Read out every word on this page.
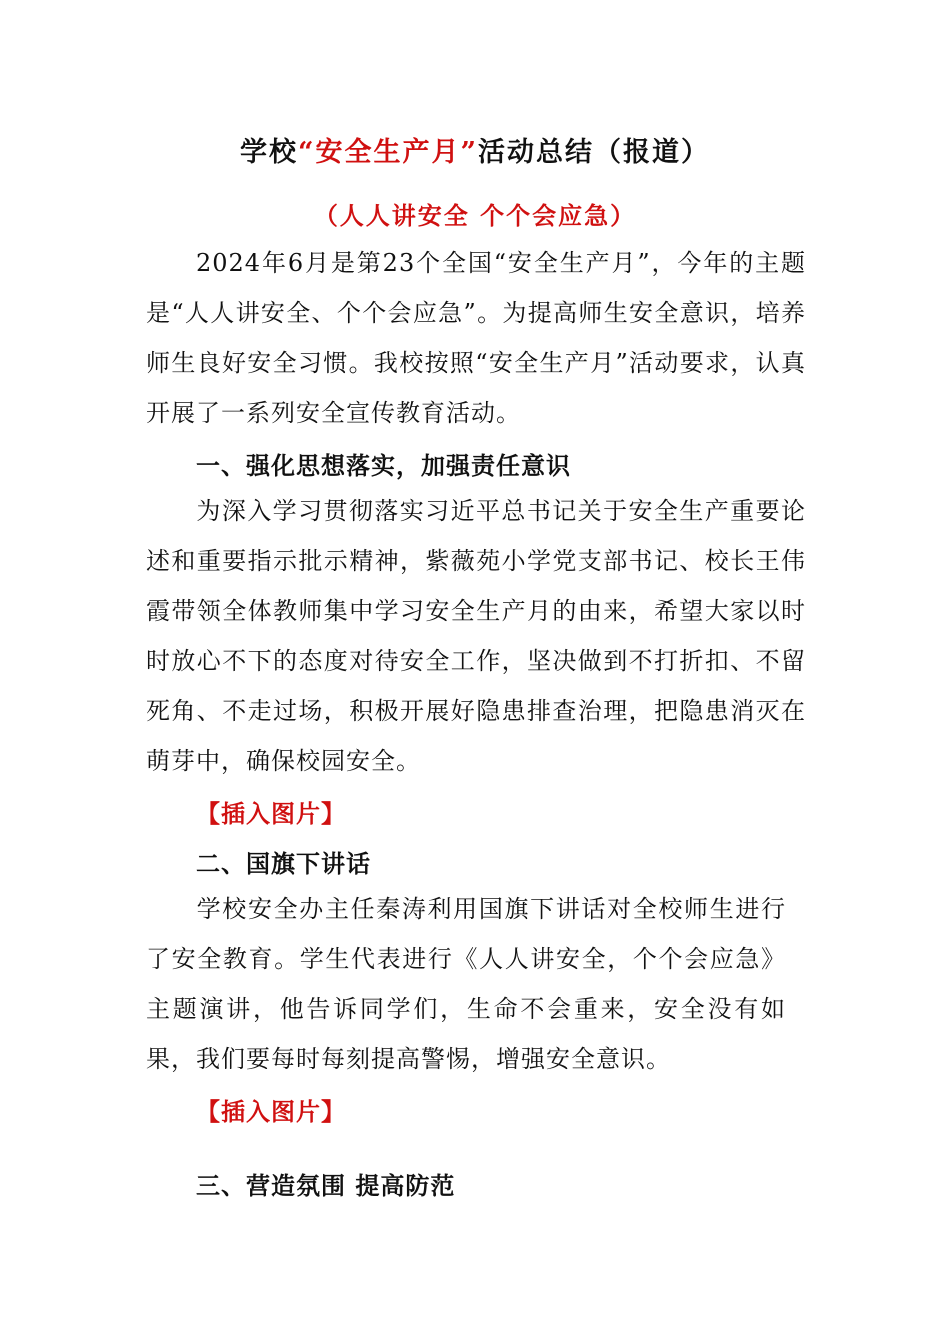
学校“安全生产月”活动总结（报道）
（人人讲安全 个个会应急）
2024年6月是第23个全国“安全生产月”，今年的主题是“人人讲安全、个个会应急”。为提高师生安全意识，培养师生良好安全习惯。我校按照“安全生产月”活动要求，认真开展了一系列安全宣传教育活动。
一、强化思想落实，加强责任意识
为深入学习贯彻落实习近平总书记关于安全生产重要论述和重要指示批示精神，紫薇苑小学党支部书记、校长王伟霞带领全体教师集中学习安全生产月的由来，希望大家以时时放心不下的态度对待安全工作，坚决做到不打折扣、不留死角、不走过场，积极开展好隐患排查治理，把隐患消灭在萌芽中，确保校园安全。
【插入图片】
二、国旗下讲话
学校安全办主任秦涛利用国旗下讲话对全校师生进行了安全教育。学生代表进行《人人讲安全，个个会应急》主题演讲，他告诉同学们，生命不会重来，安全没有如果，我们要每时每刻提高警惕，增强安全意识。
【插入图片】
三、营造氛围 提高防范
